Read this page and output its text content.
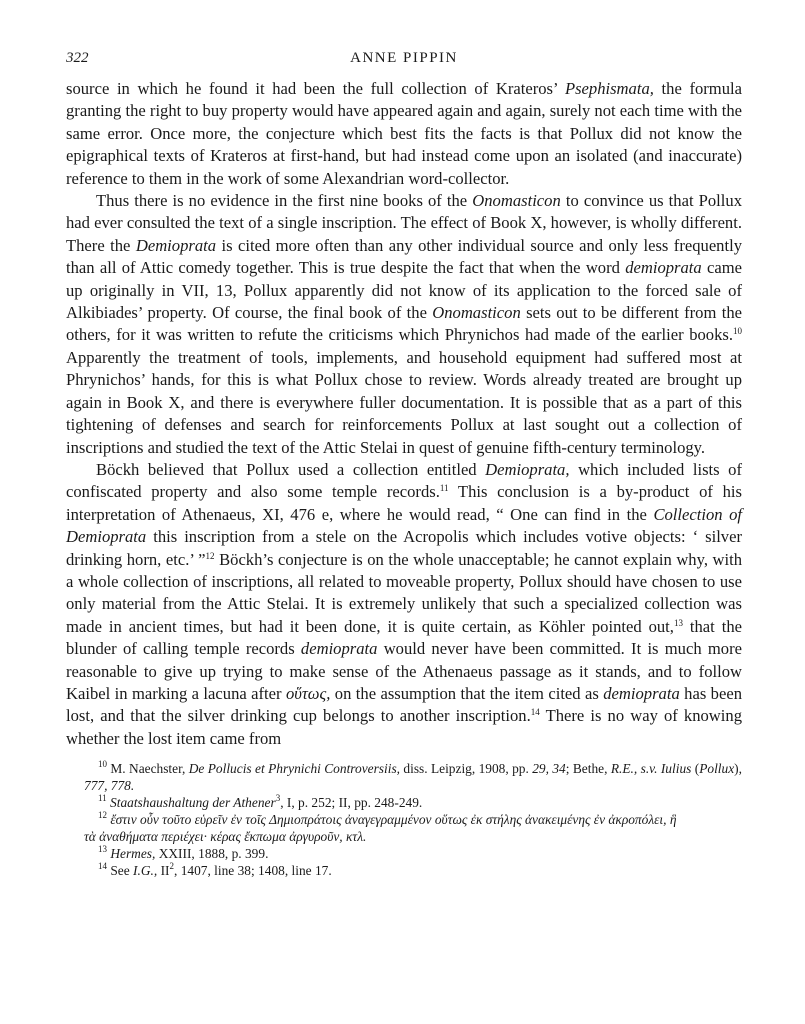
322	ANNE PIPPIN

source in which he found it had been the full collection of Krateros’ Psephismata, the formula granting the right to buy property would have appeared again and again, surely not each time with the same error. Once more, the conjecture which best fits the facts is that Pollux did not know the epigraphical texts of Krateros at first-hand, but had instead come upon an isolated (and inaccurate) reference to them in the work of some Alexandrian word-collector.

Thus there is no evidence in the first nine books of the Onomasticon to convince us that Pollux had ever consulted the text of a single inscription. The effect of Book X, however, is wholly different. There the Demioprata is cited more often than any other individual source and only less frequently than all of Attic comedy together. This is true despite the fact that when the word demioprata came up originally in VII, 13, Pollux apparently did not know of its application to the forced sale of Alkibiades’ property. Of course, the final book of the Onomasticon sets out to be different from the others, for it was written to refute the criticisms which Phrynichos had made of the earlier books.$^{10}$ Apparently the treatment of tools, implements, and household equipment had suffered most at Phrynichos’ hands, for this is what Pollux chose to review. Words already treated are brought up again in Book X, and there is everywhere fuller documentation. It is possible that as a part of this tightening of defenses and search for reinforcements Pollux at last sought out a collection of inscriptions and studied the text of the Attic Stelai in quest of genuine fifth-century terminology.

Böckh believed that Pollux used a collection entitled Demioprata, which included lists of confiscated property and also some temple records.$^{11}$ This conclusion is a by-product of his interpretation of Athenaeus, XI, 476 e, where he would read, “ One can find in the Collection of Demioprata this inscription from a stele on the Acropolis which includes votive objects: ‘ silver drinking horn, etc.’ ”$^{12}$ Böckh’s conjecture is on the whole unacceptable; he cannot explain why, with a whole collection of inscriptions, all related to moveable property, Pollux should have chosen to use only material from the Attic Stelai. It is extremely unlikely that such a specialized collection was made in ancient times, but had it been done, it is quite certain, as Köhler pointed out,$^{13}$ that the blunder of calling temple records demioprata would never have been committed. It is much more reasonable to give up trying to make sense of the Athenaeus passage as it stands, and to follow Kaibel in marking a lacuna after οὕτως, on the assumption that the item cited as demioprata has been lost, and that the silver drinking cup belongs to another inscription.$^{14}$ There is no way of knowing whether the lost item came from

$^{10}$ M. Naechster, De Pollucis et Phrynichi Controversiis, diss. Leipzig, 1908, pp. 29, 34; Bethe, R.E., s.v. Iulius (Pollux), 777, 778.

$^{11}$ Staatshaushaltung der Athener$^3$, I, p. 252; II, pp. 248-249.

$^{12}$ ἔστιν οὖν τοῦτο εὑρεῖν ἐν τοῖς Δημιοπράτοις ἀναγεγραμμένον οὕτως ἐκ στήλης ἀνακειμένης ἐν ἀκροπόλει, ἣ

τὰ ἀναθήματα περιέχει· κέρας ἔκπωμα ἀργυροῦν, κτλ.

$^{13}$ Hermes, XXIII, 1888, p. 399.

$^{14}$ See I.G., $II^2$, 1407, line 38; 1408, line 17.
